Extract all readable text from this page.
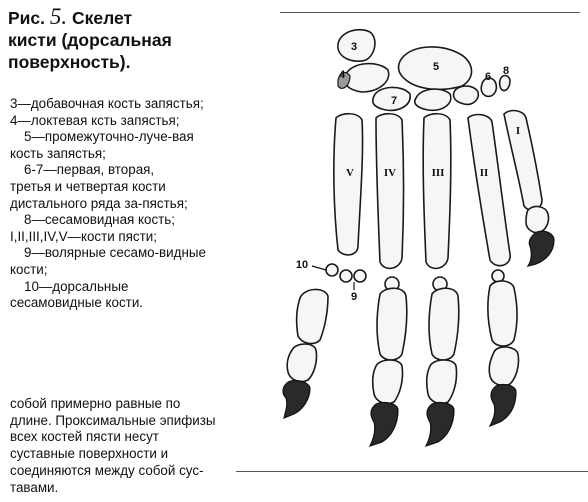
Рис. 5. Скелет
кисти (дорсальная
поверхность).
3—добавочная кость запястья;
4—локтевая ксть запястья;
5—промежуточно-луче-вая
кость запястья;
6-7—первая, вторая,
третья и четвертая кости
дистального ряда за-пястья;
8—сесамовидная кость;
I,II,III,IV,V—кости пясти;
9—волярные сесамо-видные
кости;
10—дорсальные
сесамовидные кости.
собой примерно равные по
длине. Проксимальные эпифизы
всех костей пясти несут
суставные поверхности и
соединяются между собой сус-
тавами.
3
4
5
6
7
8
9
10
V	IV	III	II
I
